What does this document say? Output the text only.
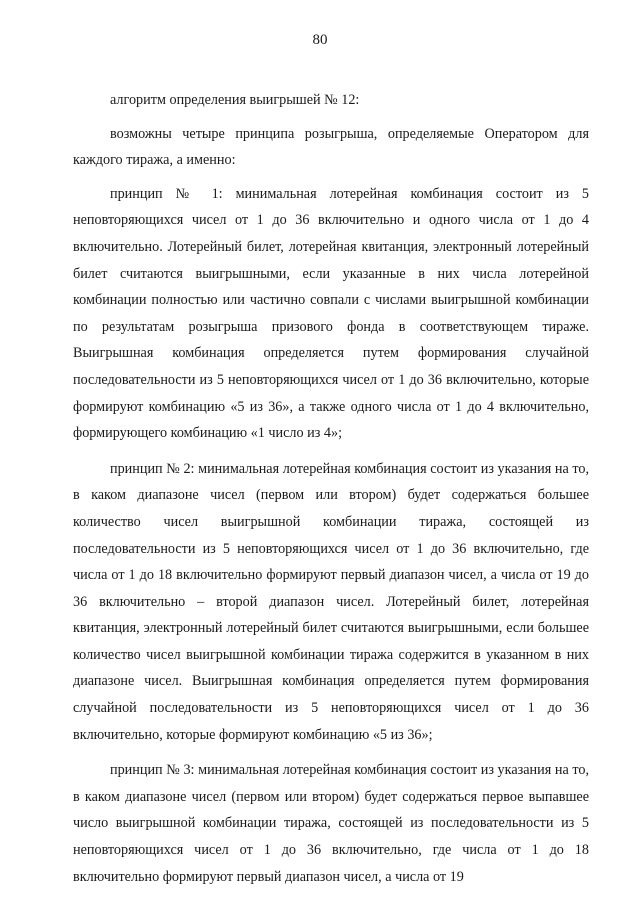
80

алгоритм определения выигрышей № 12:

возможны четыре принципа розыгрыша, определяемые Оператором для каждого тиража, а именно:

принцип № 1: минимальная лотерейная комбинация состоит из 5 неповторяющихся чисел от 1 до 36 включительно и одного числа от 1 до 4 включительно. Лотерейный билет, лотерейная квитанция, электронный лотерейный билет считаются выигрышными, если указанные в них числа лотерейной комбинации полностью или частично совпали с числами выигрышной комбинации по результатам розыгрыша призового фонда в соответствующем тираже. Выигрышная комбинация определяется путем формирования случайной последовательности из 5 неповторяющихся чисел от 1 до 36 включительно, которые формируют комбинацию «5 из 36», а также одного числа от 1 до 4 включительно, формирующего комбинацию «1 число из 4»;

принцип № 2: минимальная лотерейная комбинация состоит из указания на то, в каком диапазоне чисел (первом или втором) будет содержаться большее количество чисел выигрышной комбинации тиража, состоящей из последовательности из 5 неповторяющихся чисел от 1 до 36 включительно, где числа от 1 до 18 включительно формируют первый диапазон чисел, а числа от 19 до 36 включительно – второй диапазон чисел. Лотерейный билет, лотерейная квитанция, электронный лотерейный билет считаются выигрышными, если большее количество чисел выигрышной комбинации тиража содержится в указанном в них диапазоне чисел. Выигрышная комбинация определяется путем формирования случайной последовательности из 5 неповторяющихся чисел от 1 до 36 включительно, которые формируют комбинацию «5 из 36»;

принцип № 3: минимальная лотерейная комбинация состоит из указания на то, в каком диапазоне чисел (первом или втором) будет содержаться первое выпавшее число выигрышной комбинации тиража, состоящей из последовательности из 5 неповторяющихся чисел от 1 до 36 включительно, где числа от 1 до 18 включительно формируют первый диапазон чисел, а числа от 19
